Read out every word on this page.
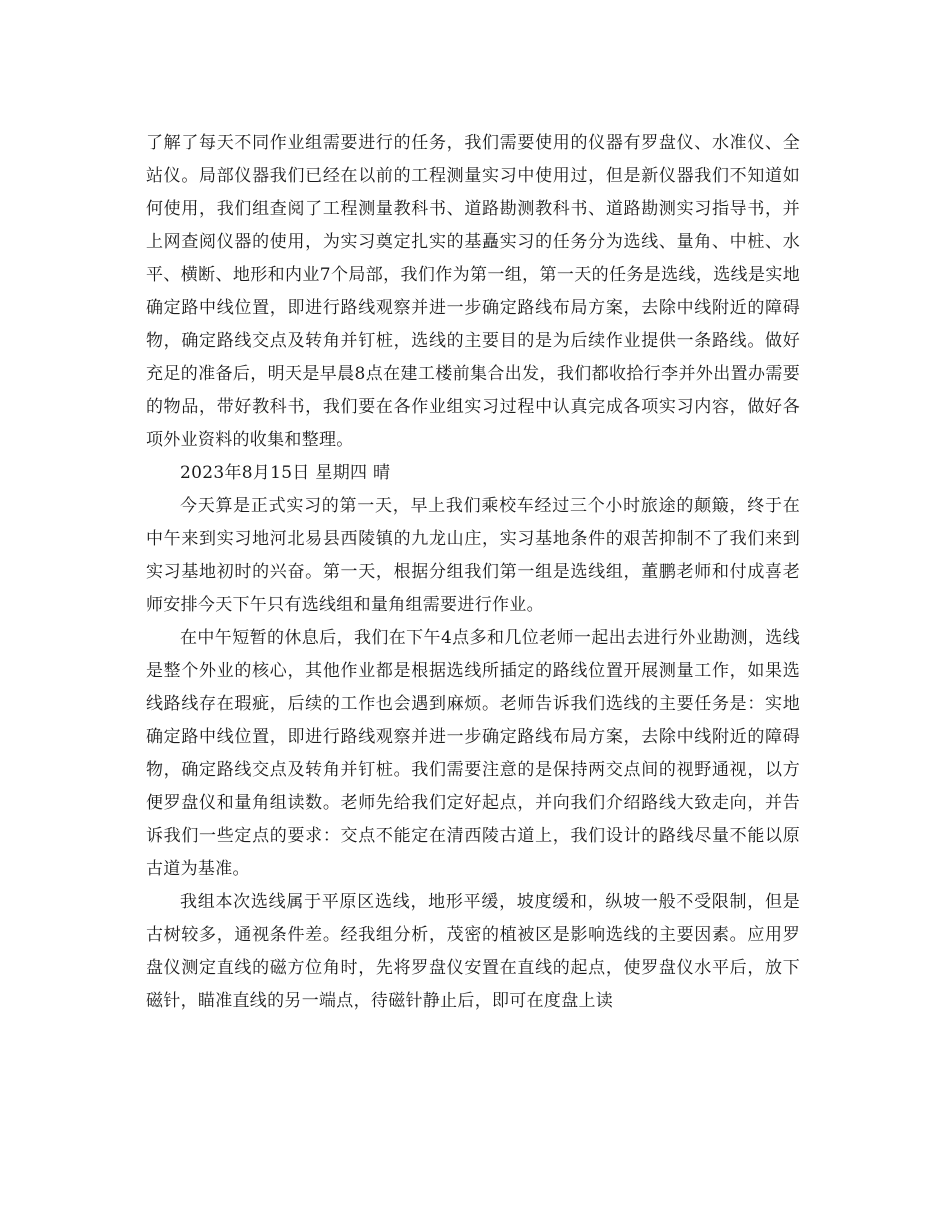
了解了每天不同作业组需要进行的任务，我们需要使用的仪器有罗盘仪、水准仪、全站仪。局部仪器我们已经在以前的工程测量实习中使用过，但是新仪器我们不知道如何使用，我们组查阅了工程测量教科书、道路勘测教科书、道路勘测实习指导书，并上网查阅仪器的使用，为实习奠定扎实的基矗实习的任务分为选线、量角、中桩、水平、横断、地形和内业7个局部，我们作为第一组，第一天的任务是选线，选线是实地确定路中线位置，即进行路线观察并进一步确定路线布局方案，去除中线附近的障碍物，确定路线交点及转角并钉桩，选线的主要目的是为后续作业提供一条路线。做好充足的准备后，明天是早晨8点在建工楼前集合出发，我们都收拾行李并外出置办需要的物品，带好教科书，我们要在各作业组实习过程中认真完成各项实习内容，做好各项外业资料的收集和整理。

2023年8月15日 星期四 晴

今天算是正式实习的第一天，早上我们乘校车经过三个小时旅途的颠簸，终于在中午来到实习地河北易县西陵镇的九龙山庄，实习基地条件的艰苦抑制不了我们来到实习基地初时的兴奋。第一天，根据分组我们第一组是选线组，董鹏老师和付成喜老师安排今天下午只有选线组和量角组需要进行作业。

在中午短暂的休息后，我们在下午4点多和几位老师一起出去进行外业勘测，选线是整个外业的核心，其他作业都是根据选线所插定的路线位置开展测量工作，如果选线路线存在瑕疵，后续的工作也会遇到麻烦。老师告诉我们选线的主要任务是：实地确定路中线位置，即进行路线观察并进一步确定路线布局方案，去除中线附近的障碍物，确定路线交点及转角并钉桩。我们需要注意的是保持两交点间的视野通视，以方便罗盘仪和量角组读数。老师先给我们定好起点，并向我们介绍路线大致走向，并告诉我们一些定点的要求：交点不能定在清西陵古道上，我们设计的路线尽量不能以原古道为基准。

我组本次选线属于平原区选线，地形平缓，坡度缓和，纵坡一般不受限制，但是古树较多，通视条件差。经我组分析，茂密的植被区是影响选线的主要因素。应用罗盘仪测定直线的磁方位角时，先将罗盘仪安置在直线的起点，使罗盘仪水平后，放下磁针，瞄准直线的另一端点，待磁针静止后，即可在度盘上读
